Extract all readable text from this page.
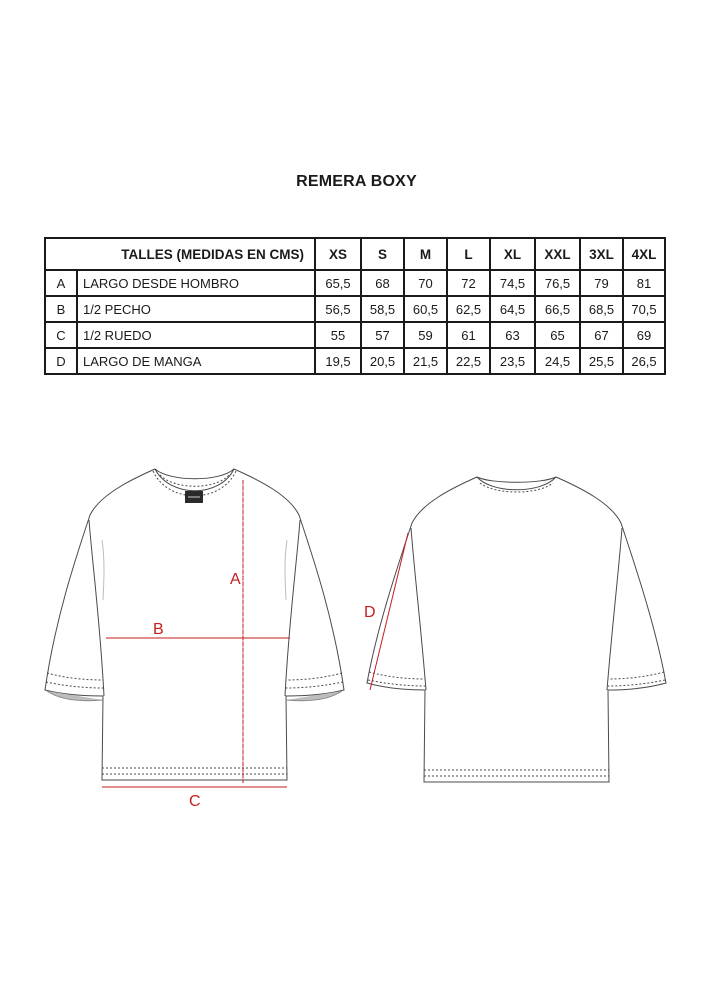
REMERA BOXY
TALLES (MEDIDAS EN CMS)		XS	S	M	L	XL	XXL	3XL	4XL
A	LARGO DESDE HOMBRO	65,5	68	70	72	74,5	76,5	79	81
B	1/2 PECHO	56,5	58,5	60,5	62,5	64,5	66,5	68,5	70,5
C	1/2 RUEDO	55	57	59	61	63	65	67	69
D	LARGO DE MANGA	19,5	20,5	21,5	22,5	23,5	24,5	25,5	26,5
A
B
C
D
